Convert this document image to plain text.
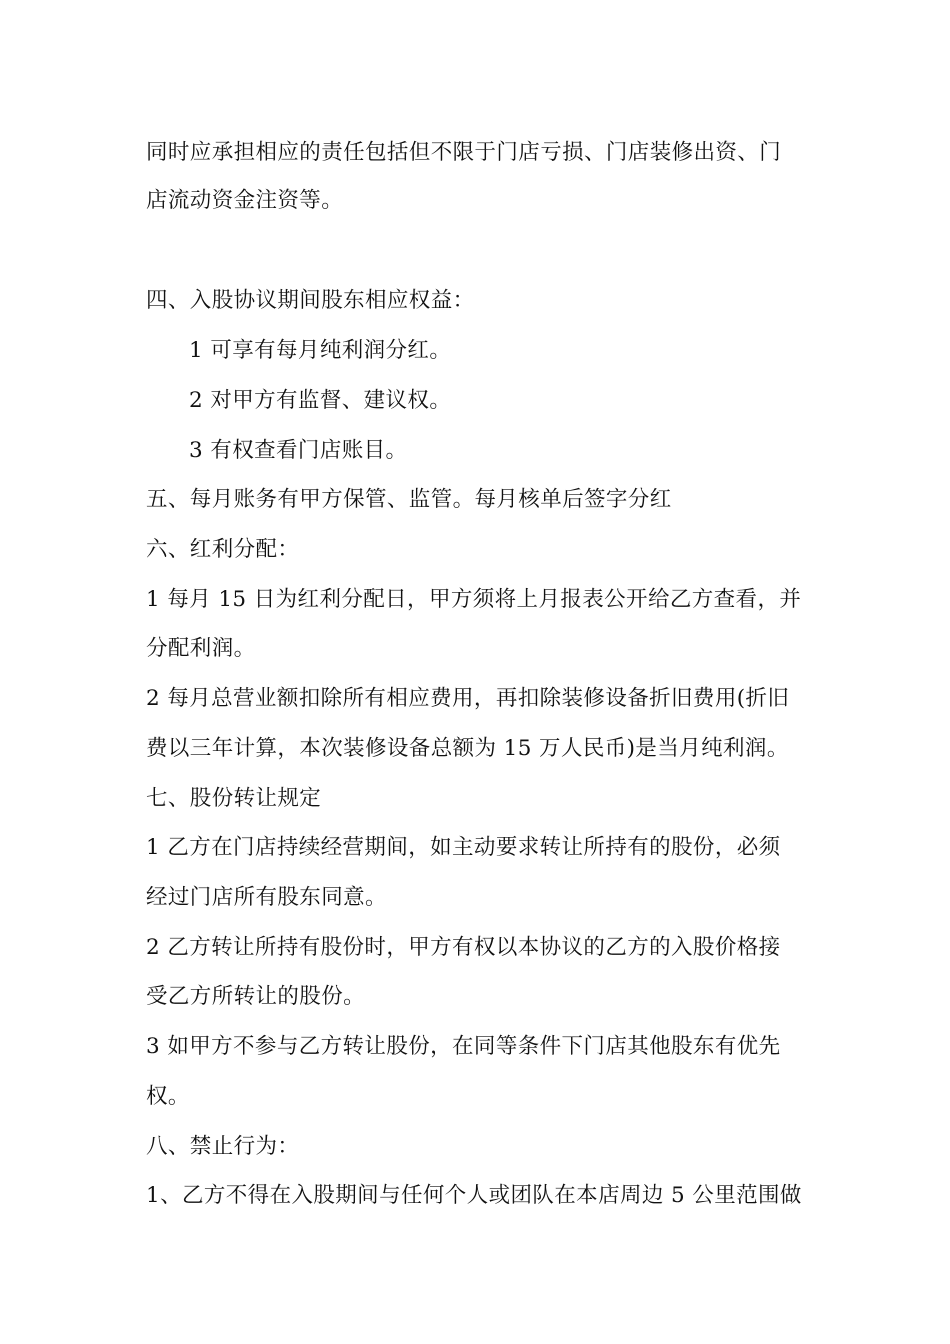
同时应承担相应的责任包括但不限于门店亏损、门店装修出资、门
店流动资金注资等。
四、入股协议期间股东相应权益：
1 可享有每月纯利润分红。
2 对甲方有监督、建议权。
3 有权查看门店账目。
五、每月账务有甲方保管、监管。每月核单后签字分红
六、红利分配：
1 每月 15 日为红利分配日，甲方须将上月报表公开给乙方查看，并
分配利润。
2 每月总营业额扣除所有相应费用，再扣除装修设备折旧费用(折旧
费以三年计算，本次装修设备总额为 15 万人民币)是当月纯利润。
七、股份转让规定
1 乙方在门店持续经营期间，如主动要求转让所持有的股份，必须
经过门店所有股东同意。
2 乙方转让所持有股份时，甲方有权以本协议的乙方的入股价格接
受乙方所转让的股份。
3 如甲方不参与乙方转让股份，在同等条件下门店其他股东有优先
权。
八、禁止行为：
1、乙方不得在入股期间与任何个人或团队在本店周边 5 公里范围做
